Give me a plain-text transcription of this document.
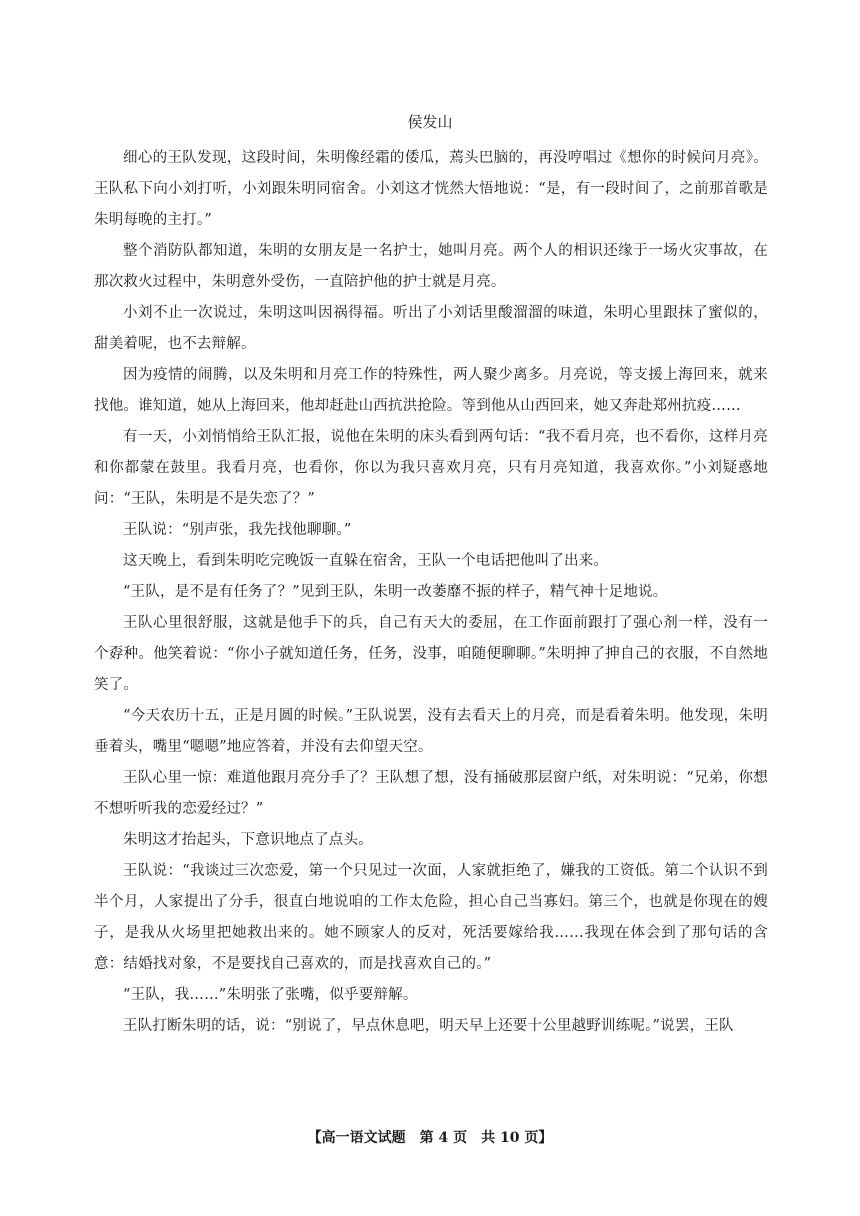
侯发山

细心的王队发现，这段时间，朱明像经霜的倭瓜，蔫头巴脑的，再没哼唱过《想你的时候问月亮》。王队私下向小刘打听，小刘跟朱明同宿舍。小刘这才恍然大悟地说：“是，有一段时间了，之前那首歌是朱明每晚的主打。”

整个消防队都知道，朱明的女朋友是一名护士，她叫月亮。两个人的相识还缘于一场火灾事故，在那次救火过程中，朱明意外受伤，一直陪护他的护士就是月亮。

小刘不止一次说过，朱明这叫因祸得福。听出了小刘话里酸溜溜的味道，朱明心里跟抹了蜜似的，甜美着呢，也不去辩解。

因为疫情的闹腾，以及朱明和月亮工作的特殊性，两人聚少离多。月亮说，等支援上海回来，就来找他。谁知道，她从上海回来，他却赶赴山西抗洪抢险。等到他从山西回来，她又奔赴郑州抗疫……

有一天，小刘悄悄给王队汇报，说他在朱明的床头看到两句话：“我不看月亮，也不看你，这样月亮和你都蒙在鼓里。我看月亮，也看你，你以为我只喜欢月亮，只有月亮知道，我喜欢你。”小刘疑惑地问：“王队，朱明是不是失恋了？”

王队说：“别声张，我先找他聊聊。”

这天晚上，看到朱明吃完晚饭一直躲在宿舍，王队一个电话把他叫了出来。

“王队，是不是有任务了？”见到王队，朱明一改萎靡不振的样子，精气神十足地说。

王队心里很舒服，这就是他手下的兵，自己有天大的委屈，在工作面前跟打了强心剂一样，没有一个孬种。他笑着说：“你小子就知道任务，任务，没事，咱随便聊聊。”朱明抻了抻自己的衣服，不自然地笑了。

“今天农历十五，正是月圆的时候。”王队说罢，没有去看天上的月亮，而是看着朱明。他发现，朱明垂着头，嘴里“嗯嗯”地应答着，并没有去仰望天空。

王队心里一惊：难道他跟月亮分手了？王队想了想，没有捅破那层窗户纸，对朱明说：“兄弟，你想不想听听我的恋爱经过？”

朱明这才抬起头，下意识地点了点头。

王队说：“我谈过三次恋爱，第一个只见过一次面，人家就拒绝了，嫌我的工资低。第二个认识不到半个月，人家提出了分手，很直白地说咱的工作太危险，担心自己当寡妇。第三个，也就是你现在的嫂子，是我从火场里把她救出来的。她不顾家人的反对，死活要嫁给我……我现在体会到了那句话的含意：结婚找对象，不是要找自己喜欢的，而是找喜欢自己的。”

“王队，我……”朱明张了张嘴，似乎要辩解。

王队打断朱明的话，说：“别说了，早点休息吧，明天早上还要十公里越野训练呢。”说罢，王队

【高一语文试题　第 4 页　共 10 页】
